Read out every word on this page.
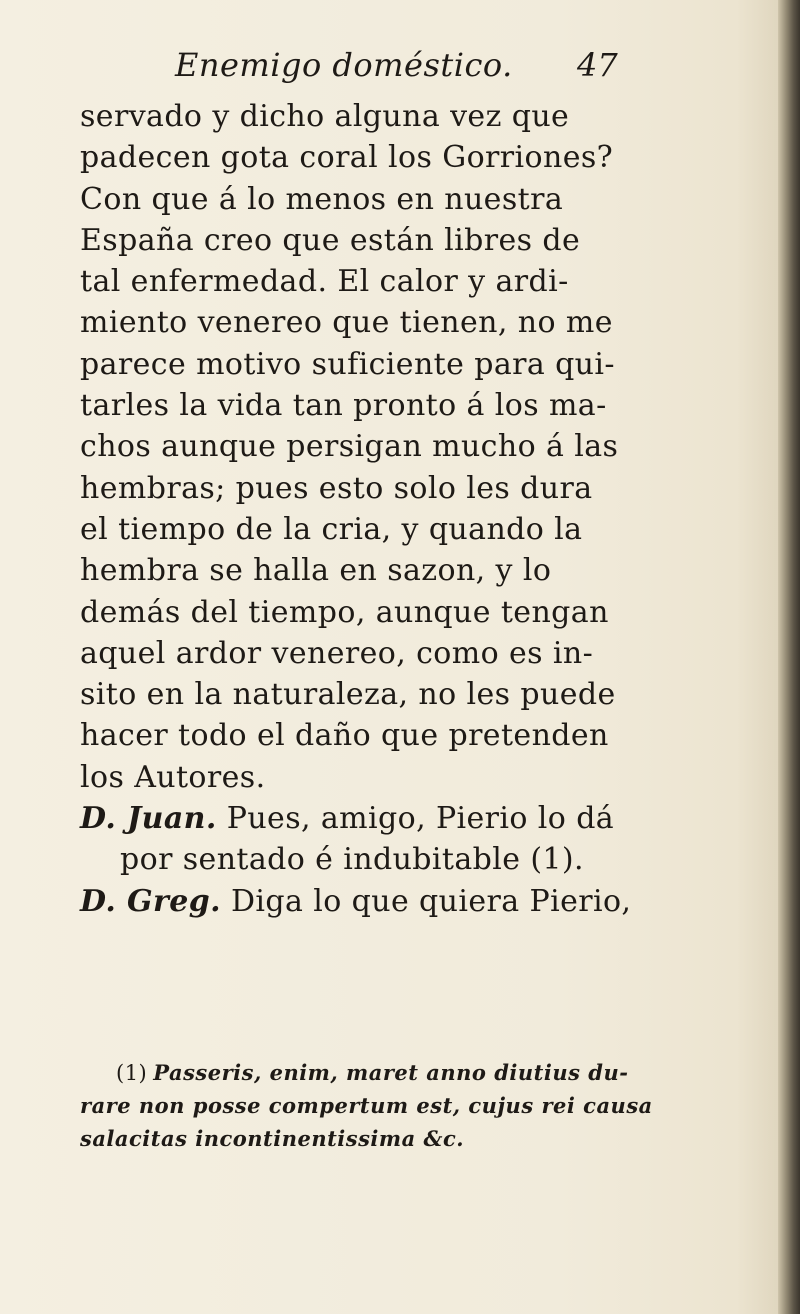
Enemigo doméstico. 47
servado y dicho alguna vez que
padecen gota coral los Gorriones?
Con que á lo menos en nuestra
España creo que están libres de
tal enfermedad. El calor y ardi-
miento venereo que tienen, no me
parece motivo suficiente para qui-
tarles la vida tan pronto á los ma-
chos aunque persigan mucho á las
hembras; pues esto solo les dura
el tiempo de la cria, y quando la
hembra se halla en sazon, y lo
demás del tiempo, aunque tengan
aquel ardor venereo, como es in-
sito en la naturaleza, no les puede
hacer todo el daño que pretenden
los Autores.
D. Juan. Pues, amigo, Pierio lo dá
por sentado é indubitable (1).
D. Greg. Diga lo que quiera Pierio,
(1) Passeris, enim, maret anno diutius du-
rare non posse compertum est, cujus rei causa
salacitas incontinentissima &c.
